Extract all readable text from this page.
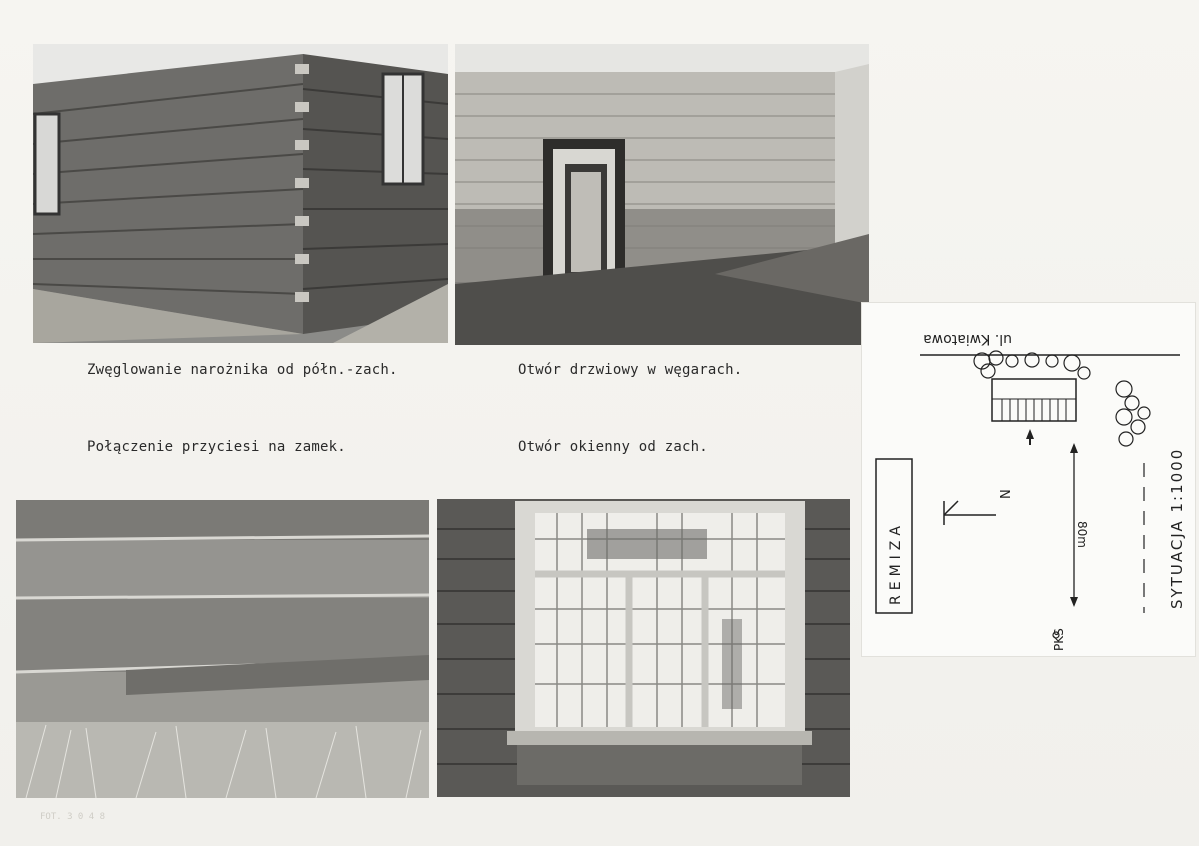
Zwęglowanie narożnika od półn.-zach.	Otwór drzwiowy w węgarach.
Połączenie przyciesi na zamek.	Otwór okienny od zach.
ul. Kwiatowa
80m
PKS
N
REMIZA	SYTUACJA 1:1000
FOT. 3 0 4 8
